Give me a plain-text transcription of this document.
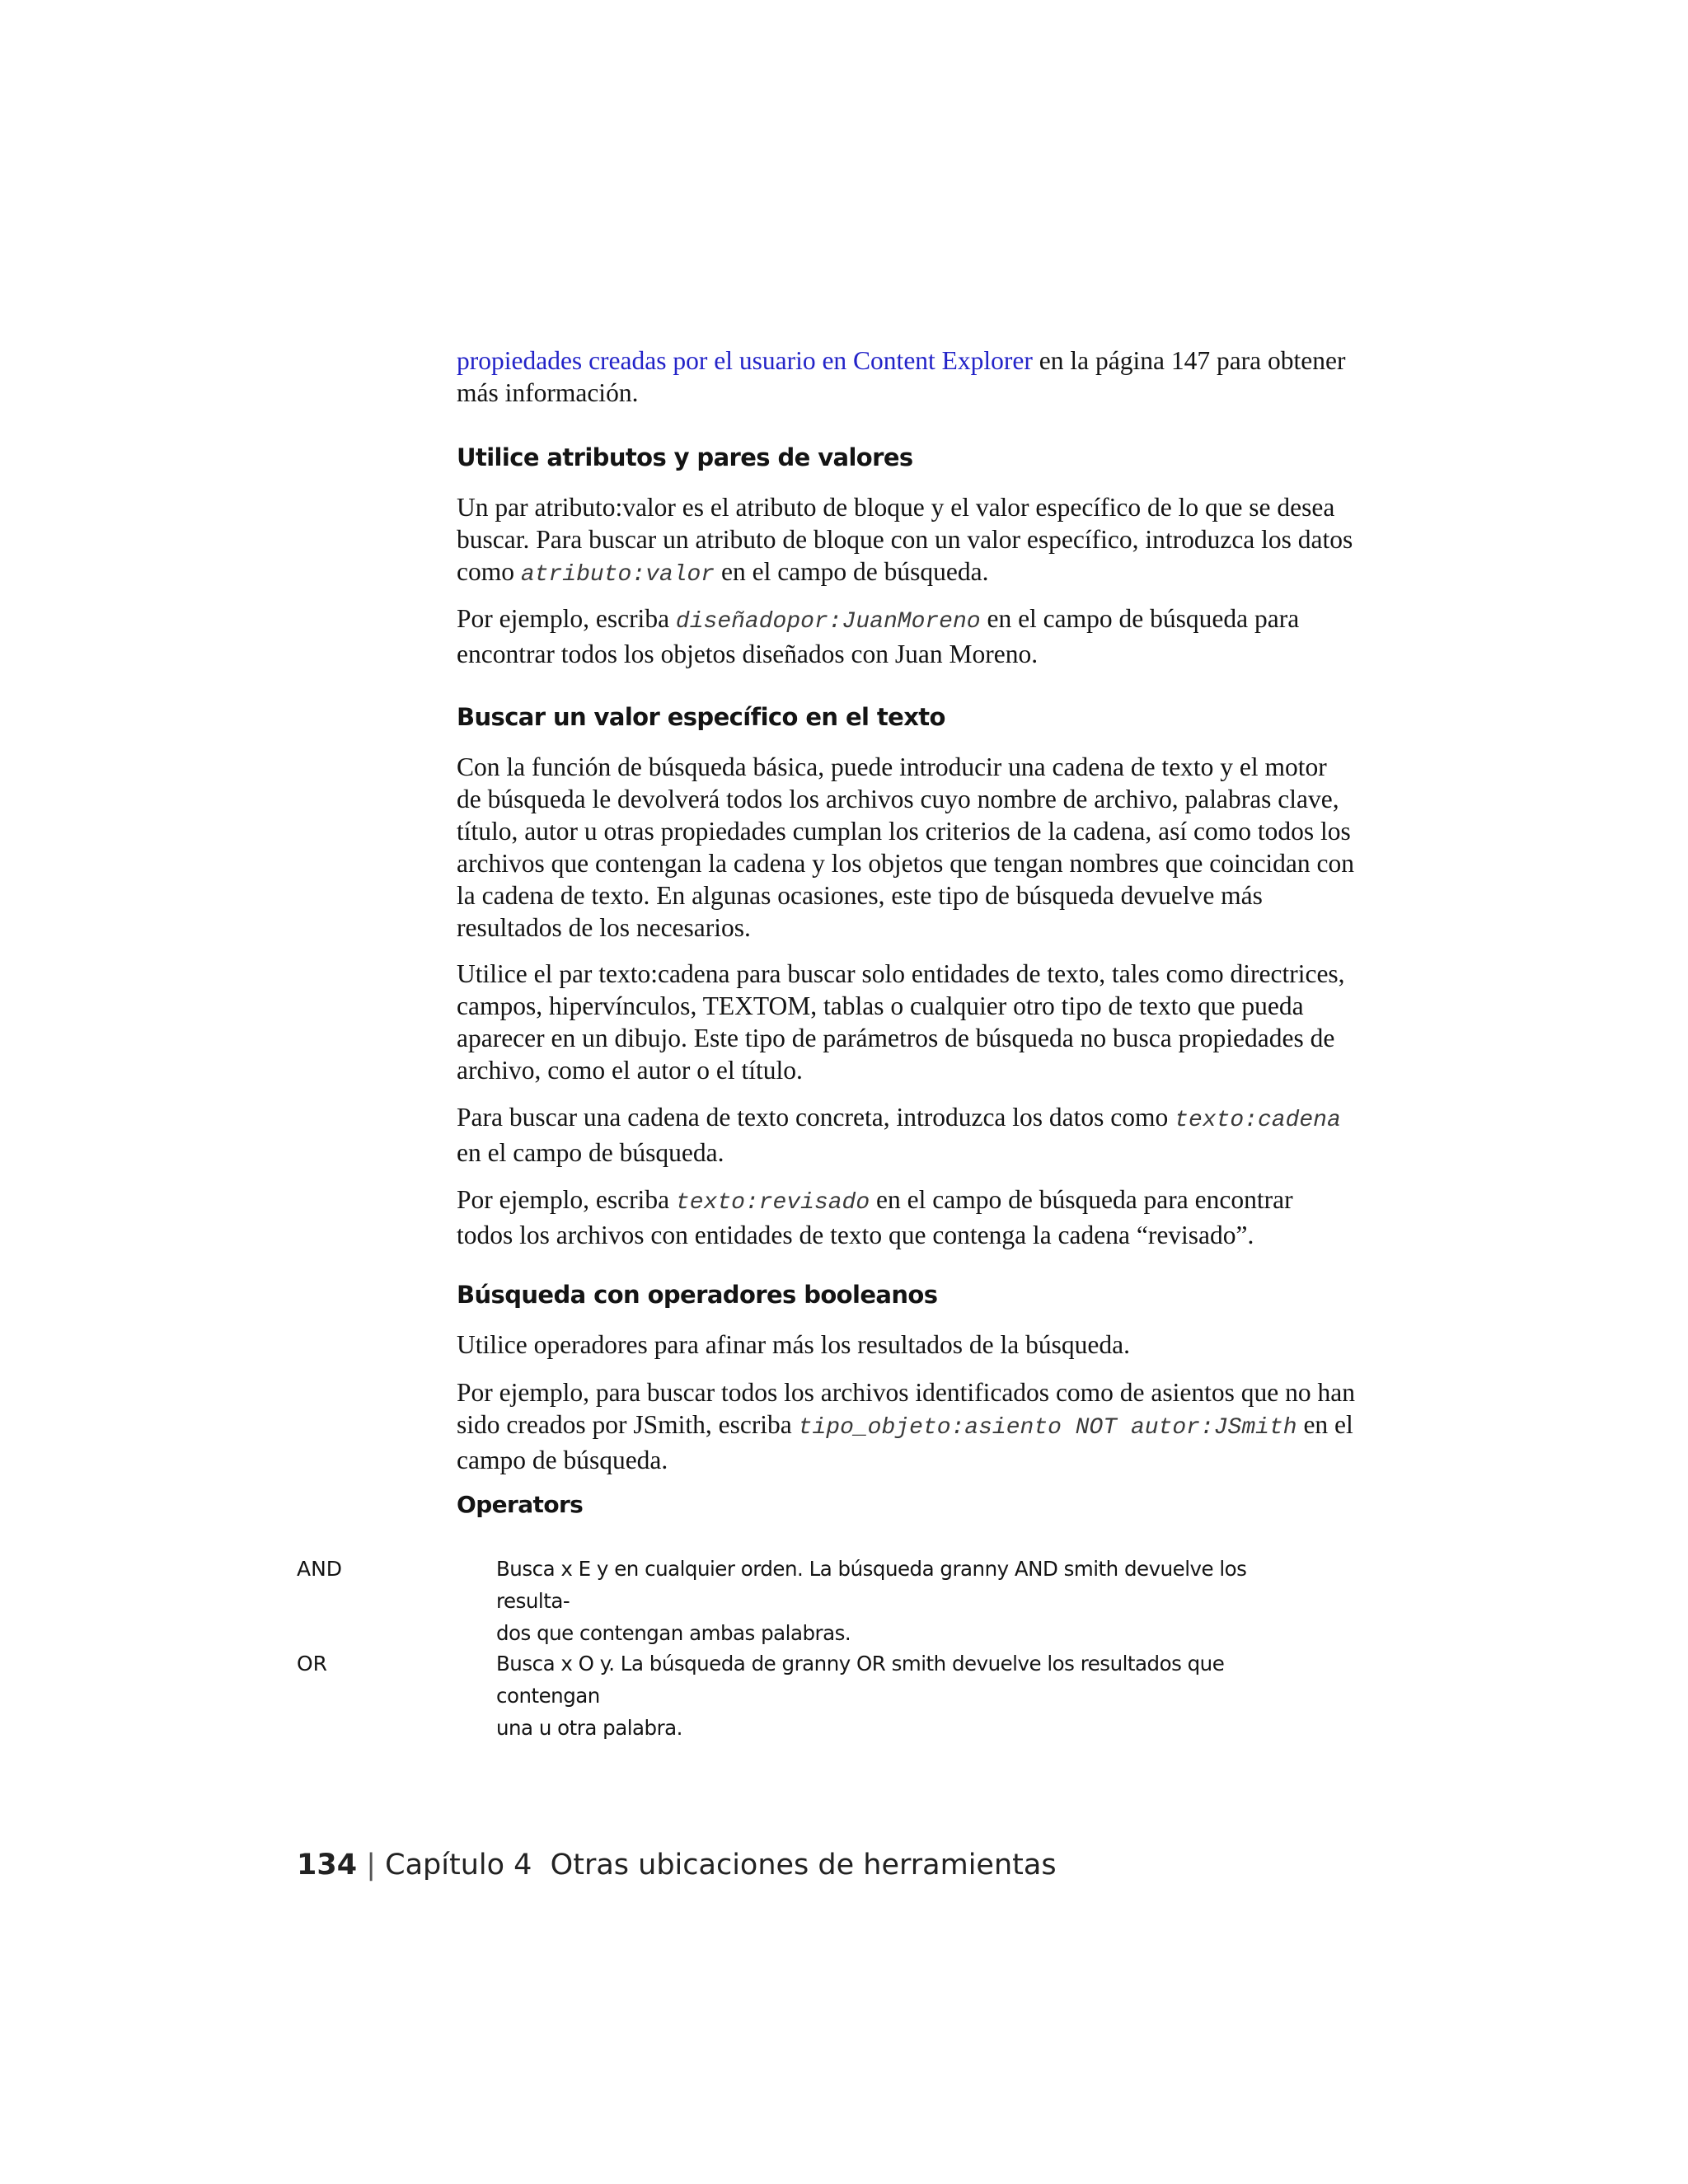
propiedades creadas por el usuario en Content Explorer en la página 147 para obtener más información.

Utilice atributos y pares de valores

Un par atributo:valor es el atributo de bloque y el valor específico de lo que se desea buscar. Para buscar un atributo de bloque con un valor específico, introduzca los datos como atributo:valor en el campo de búsqueda.

Por ejemplo, escriba diseñadopor:JuanMoreno en el campo de búsqueda para encontrar todos los objetos diseñados con Juan Moreno.

Buscar un valor específico en el texto

Con la función de búsqueda básica, puede introducir una cadena de texto y el motor de búsqueda le devolverá todos los archivos cuyo nombre de archivo, palabras clave, título, autor u otras propiedades cumplan los criterios de la cadena, así como todos los archivos que contengan la cadena y los objetos que tengan nombres que coincidan con la cadena de texto. En algunas ocasiones, este tipo de búsqueda devuelve más resultados de los necesarios.

Utilice el par texto:cadena para buscar solo entidades de texto, tales como directrices, campos, hipervínculos, TEXTOM, tablas o cualquier otro tipo de texto que pueda aparecer en un dibujo. Este tipo de parámetros de búsqueda no busca propiedades de archivo, como el autor o el título.

Para buscar una cadena de texto concreta, introduzca los datos como texto:cadena en el campo de búsqueda.

Por ejemplo, escriba texto:revisado en el campo de búsqueda para encontrar todos los archivos con entidades de texto que contenga la cadena “revisado”.

Búsqueda con operadores booleanos

Utilice operadores para afinar más los resultados de la búsqueda.

Por ejemplo, para buscar todos los archivos identificados como de asientos que no han sido creados por JSmith, escriba tipo_objeto:asiento NOT autor:JSmith en el campo de búsqueda.

Operators
AND	Busca x E y en cualquier orden. La búsqueda granny AND smith devuelve los resulta-
dos que contengan ambas palabras.
OR	Busca x O y. La búsqueda de granny OR smith devuelve los resultados que contengan
una u otra palabra.
134 | Capítulo 4 Otras ubicaciones de herramientas
